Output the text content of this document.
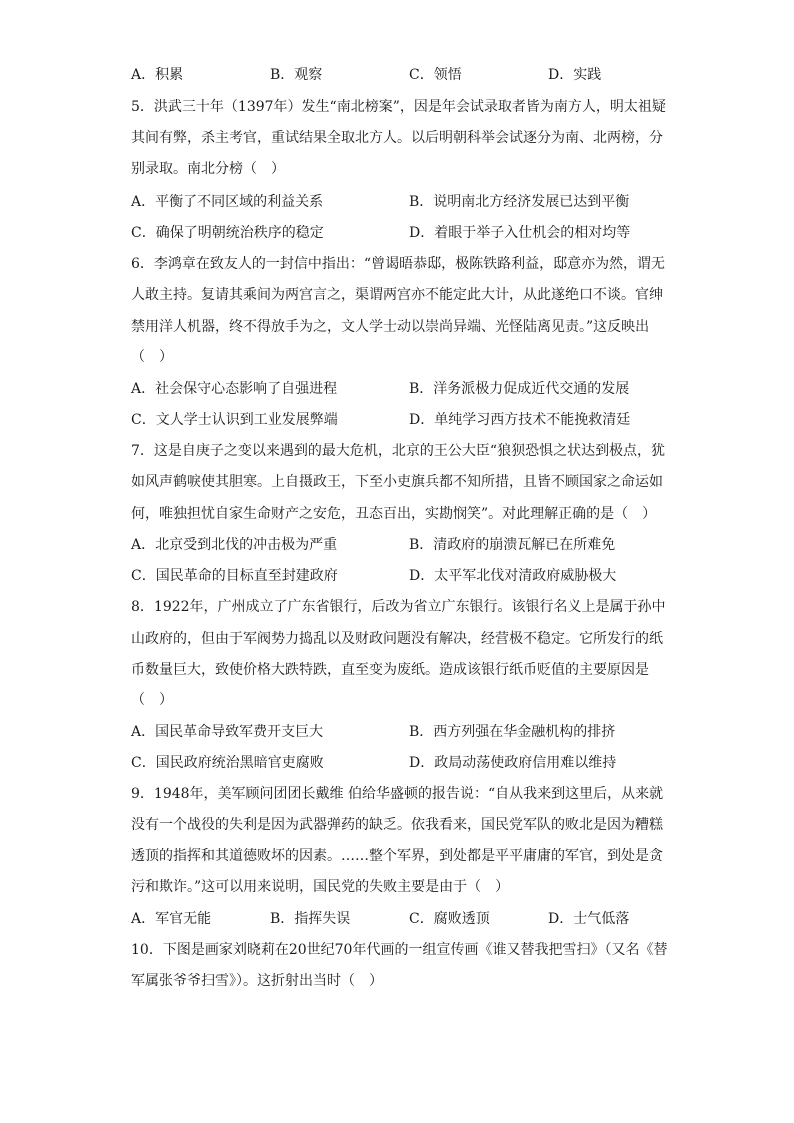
A．积累	B．观察	C．领悟	D．实践
5．洪武三十年（1397年）发生“南北榜案”，因是年会试录取者皆为南方人，明太祖疑
其间有弊，杀主考官，重试结果全取北方人。以后明朝科举会试逐分为南、北两榜，分
别录取。南北分榜（　）
A．平衡了不同区域的利益关系	B．说明南北方经济发展已达到平衡
C．确保了明朝统治秩序的稳定	D．着眼于举子入仕机会的相对均等
6．李鸿章在致友人的一封信中指出：“曾谒晤恭邸，极陈铁路利益，邸意亦为然，谓无
人敢主持。复请其乘间为两宫言之，渠谓两宫亦不能定此大计，从此遂绝口不谈。官绅
禁用洋人机器，终不得放手为之，文人学士动以崇尚异端、光怪陆离见责。”这反映出
（　）
A．社会保守心态影响了自强进程	B．洋务派极力促成近代交通的发展
C．文人学士认识到工业发展弊端	D．单纯学习西方技术不能挽救清廷
7．这是自庚子之变以来遇到的最大危机，北京的王公大臣“狼狈恐惧之状达到极点，犹
如风声鹤唳使其胆寒。上自摄政王，下至小吏旗兵都不知所措，且皆不顾国家之命运如
何，唯独担忧自家生命财产之安危，丑态百出，实勘悯笑”。对此理解正确的是（　）
A．北京受到北伐的冲击极为严重	B．清政府的崩溃瓦解已在所难免
C．国民革命的目标直至封建政府	D．太平军北伐对清政府威胁极大
8．1922年，广州成立了广东省银行，后改为省立广东银行。该银行名义上是属于孙中
山政府的，但由于军阀势力捣乱以及财政问题没有解决，经营极不稳定。它所发行的纸
币数量巨大，致使价格大跌特跌，直至变为废纸。造成该银行纸币贬值的主要原因是
（　）
A．国民革命导致军费开支巨大	B．西方列强在华金融机构的排挤
C．国民政府统治黑暗官吏腐败	D．政局动荡使政府信用难以维持
9．1948年，美军顾问团团长戴维 伯给华盛顿的报告说：“自从我来到这里后，从来就
没有一个战役的失利是因为武器弹药的缺乏。依我看来，国民党军队的败北是因为糟糕
透顶的指挥和其道德败坏的因素。……整个军界，到处都是平平庸庸的军官，到处是贪
污和欺诈。”这可以用来说明，国民党的失败主要是由于（　）
A．军官无能	B．指挥失误	C．腐败透顶	D．士气低落
10．下图是画家刘晓莉在20世纪70年代画的一组宣传画《谁又替我把雪扫》（又名《替
军属张爷爷扫雪》）。这折射出当时（　）
